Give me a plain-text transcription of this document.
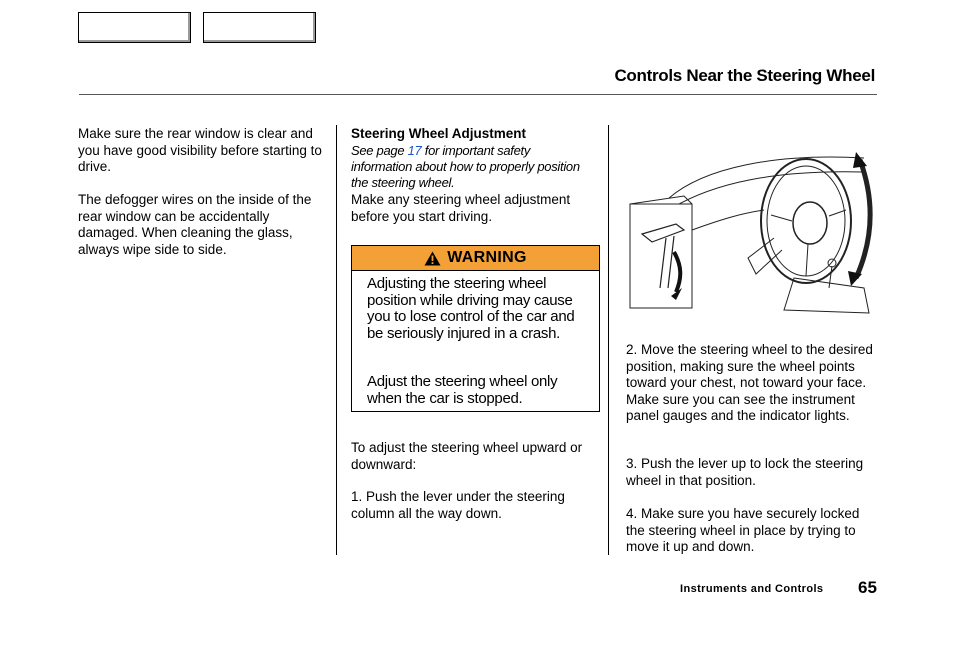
Controls Near the Steering Wheel

Make sure the rear window is clear and you have good visibility before starting to drive.

The defogger wires on the inside of the rear window can be accidentally damaged. When cleaning the glass, always wipe side to side.

Steering Wheel Adjustment

See page 17 for important safety information about how to properly position the steering wheel.

Make any steering wheel adjustment before you start driving.

WARNING

Adjusting the steering wheel position while driving may cause you to lose control of the car and be seriously injured in a crash.

Adjust the steering wheel only when the car is stopped.

To adjust the steering wheel upward or downward:

1. Push the lever under the steering column all the way down.

2. Move the steering wheel to the desired position, making sure the wheel points toward your chest, not toward your face. Make sure you can see the instrument panel gauges and the indicator lights.

3. Push the lever up to lock the steering wheel in that position.

4. Make sure you have securely locked the steering wheel in place by trying to move it up and down.

Instruments and Controls 65
